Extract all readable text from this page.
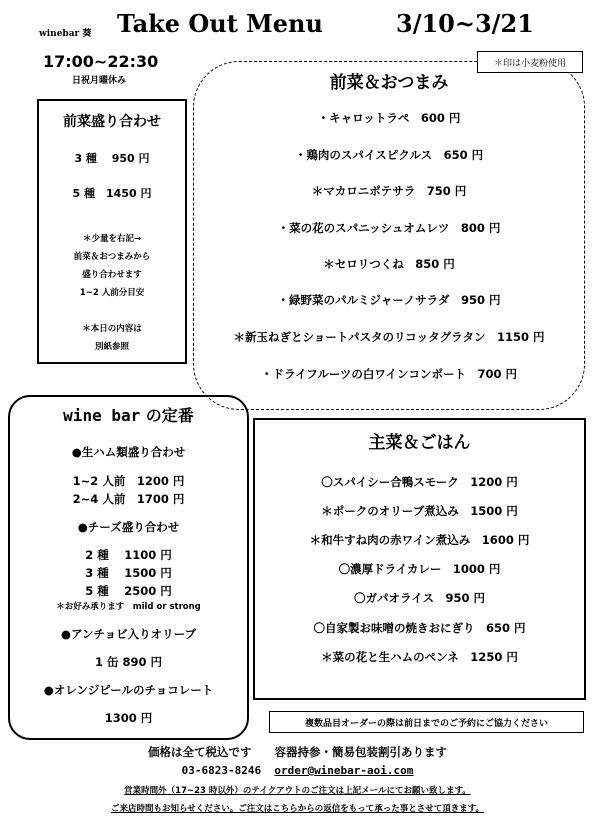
winebar 葵 Take Out Menu	3/10~3/21
17:00~22:30
日祝月曜休み
＊印は小麦粉使用
前菜＆おつまみ
・キャロットラペ　600 円
・鶏肉のスパイスピクルス　650 円
＊マカロニポテサラ　750 円
・菜の花のスパニッシュオムレツ　800 円
＊セロリつくね　850 円
・緑野菜のパルミジャーノサラダ　950 円
＊新玉ねぎとショートパスタのリコッタグラタン　1150 円
・ドライフルーツの白ワインコンポート　700 円
前菜盛り合わせ
3 種　 950 円
5 種　1450 円
＊少量を右記→
前菜＆おつまみから
盛り合わせます
1~2 人前分目安
＊本日の内容は
別紙参照
wine bar の定番
●生ハム類盛り合わせ
1~2 人前　1200 円
2~4 人前　1700 円
●チーズ盛り合わせ
2 種　 1100 円
3 種　 1500 円
5 種　 2500 円
＊お好み承ります　mild or strong
●アンチョビ入りオリーブ
1 缶 890 円
●オレンジピールのチョコレート
1300 円
主菜＆ごはん
〇スパイシー合鴨スモーク　1200 円
＊ポークのオリーブ煮込み　1500 円
＊和牛すね肉の赤ワイン煮込み　1600 円
〇濃厚ドライカレー　1000 円
〇ガパオライス　950 円
〇自家製お味噌の焼きおにぎり　650 円
＊菜の花と生ハムのペンネ　1250 円
複数品目オーダーの際は前日までのご予約にご協力ください
価格は全て税込です　　容器持参・簡易包装割引あります
03-6823-8246 order@winebar-aoi.com
営業時間外（17~23 時以外）のテイクアウトのご注文は上記メールにてお願い致します。
ご来店時間もお知らせください。ご注文はこちらからの返信をもって承った事とさせて頂きます。
